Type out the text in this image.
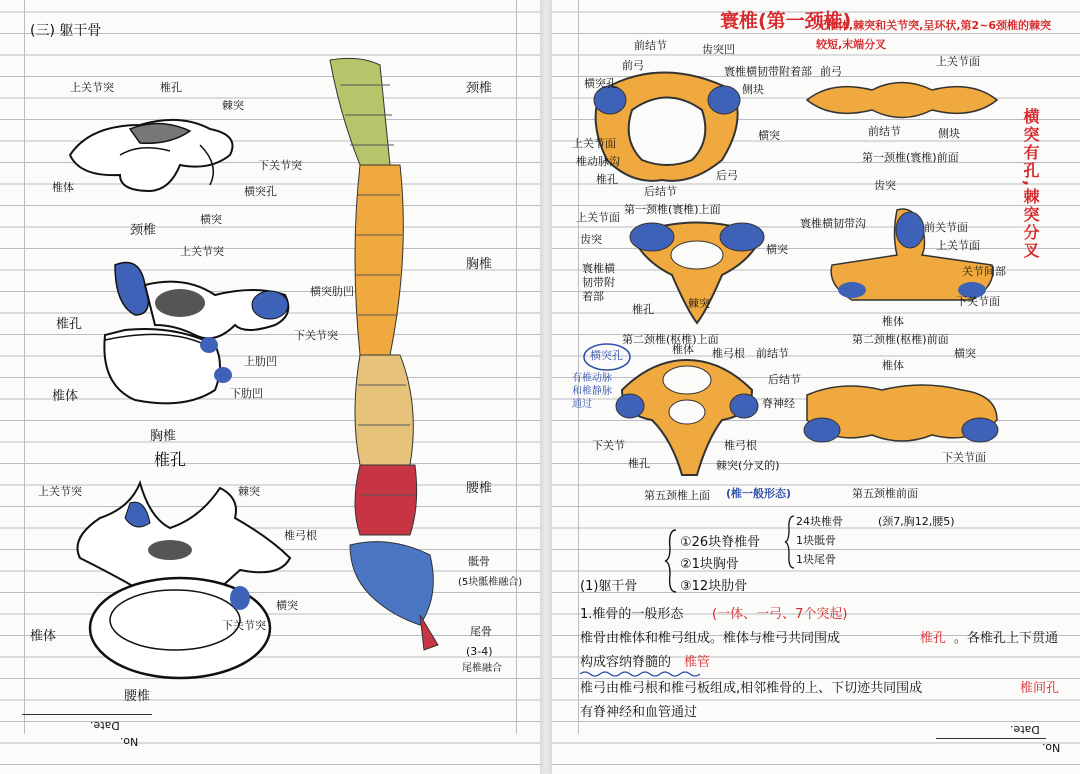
(三) 躯干骨
上关节突	椎孔
棘突
下关节突
椎体	横突孔
横突
颈椎
上关节突
横突肋凹
椎孔
下关节突
上肋凹
椎体	下肋凹
胸椎
椎孔
上关节突	棘突
椎弓根
椎体
横突
下关节突
腰椎
颈椎
胸椎
腰椎
骶骨
(5块骶椎融合)
尾骨
(3-4)
尾椎融合
Date.
No.
寰椎(第一颈椎)
无椎体,棘突和关节突,呈环状,第2~6颈椎的棘突较短,末端分叉
前结节	齿突凹
前弓
横突孔
寰椎横韧带附着部
侧块
上关节面
椎动脉沟
椎孔
后结节
后弓
横突
第一颈椎(寰椎)上面
前弓
上关节面
前结节	侧块
第一颈椎(寰椎)前面	横突有孔,棘突分叉
上关节面
齿突
寰椎横韧带附着部
椎孔	棘突
横突
第二颈椎(枢椎)上面
齿突
寰椎横韧带沟	前关节面
上关节面
关节间部
下关节面
椎体
第二颈椎(枢椎)前面
横突孔
有椎动脉和椎静脉通过
椎体 椎弓根 前结节
后结节
脊神经
下关节
椎孔
椎弓根
棘突(分叉的)
第五颈椎上面 (椎一般形态)
椎体
横突
下关节面
第五颈椎前面
(1)躯干骨
①26块脊椎骨
②1块胸骨
③12块肋骨
24块椎骨
1块骶骨
1块尾骨
(颈7,胸12,腰5)
1.椎骨的一般形态 (一体、一弓、7个突起)
椎骨由椎体和椎弓组成。椎体与椎弓共同围成	椎孔 。各椎孔上下贯通
构成容纳脊髓的 椎管
椎弓由椎弓根和椎弓板组成,相邻椎骨的上、下切迹共同围成	椎间孔
有脊神经和血管通过
Date.
No.
